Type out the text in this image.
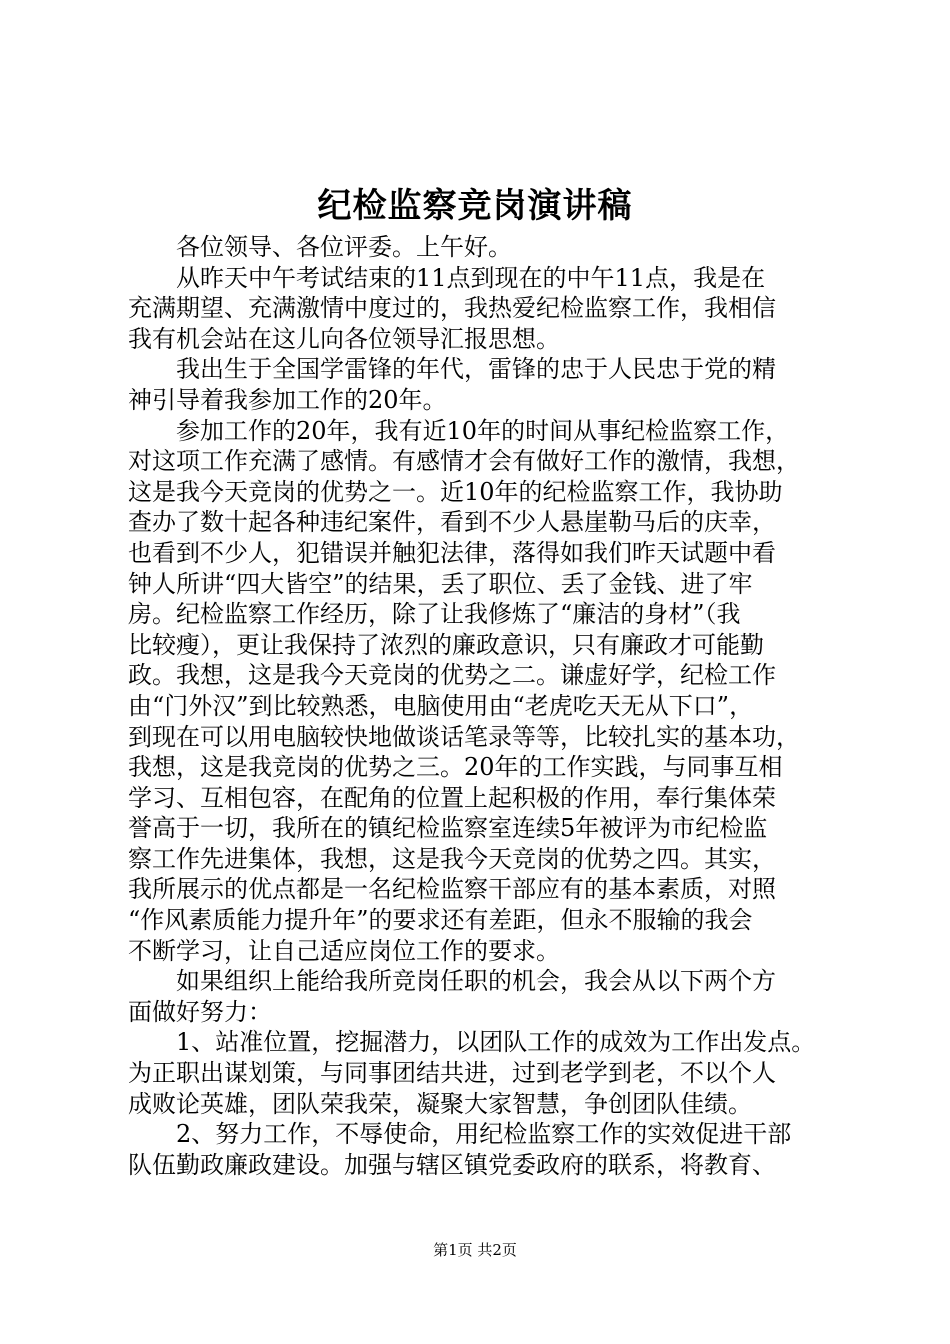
纪检监察竞岗演讲稿
　　各位领导、各位评委。上午好。
　　从昨天中午考试结束的11点到现在的中午11点，我是在
充满期望、充满激情中度过的，我热爱纪检监察工作，我相信
我有机会站在这儿向各位领导汇报思想。
　　我出生于全国学雷锋的年代，雷锋的忠于人民忠于党的精
神引导着我参加工作的20年。
　　参加工作的20年，我有近10年的时间从事纪检监察工作，
对这项工作充满了感情。有感情才会有做好工作的激情，我想，
这是我今天竞岗的优势之一。近10年的纪检监察工作，我协助
查办了数十起各种违纪案件，看到不少人悬崖勒马后的庆幸，
也看到不少人，犯错误并触犯法律，落得如我们昨天试题中看
钟人所讲“四大皆空”的结果，丢了职位、丢了金钱、进了牢
房。纪检监察工作经历，除了让我修炼了“廉洁的身材”（我
比较瘦），更让我保持了浓烈的廉政意识，只有廉政才可能勤
政。我想，这是我今天竞岗的优势之二。谦虚好学，纪检工作
由“门外汉”到比较熟悉，电脑使用由“老虎吃天无从下口”，
到现在可以用电脑较快地做谈话笔录等等，比较扎实的基本功，
我想，这是我竞岗的优势之三。20年的工作实践，与同事互相
学习、互相包容，在配角的位置上起积极的作用，奉行集体荣
誉高于一切，我所在的镇纪检监察室连续5年被评为市纪检监
察工作先进集体，我想，这是我今天竞岗的优势之四。其实，
我所展示的优点都是一名纪检监察干部应有的基本素质，对照
“作风素质能力提升年”的要求还有差距，但永不服输的我会
不断学习，让自己适应岗位工作的要求。
　　如果组织上能给我所竞岗任职的机会，我会从以下两个方
面做好努力：
　　1、站准位置，挖掘潜力，以团队工作的成效为工作出发点。
为正职出谋划策，与同事团结共进，过到老学到老，不以个人
成败论英雄，团队荣我荣，凝聚大家智慧，争创团队佳绩。
　　2、努力工作，不辱使命，用纪检监察工作的实效促进干部
队伍勤政廉政建设。加强与辖区镇党委政府的联系，将教育、
第1页 共2页
